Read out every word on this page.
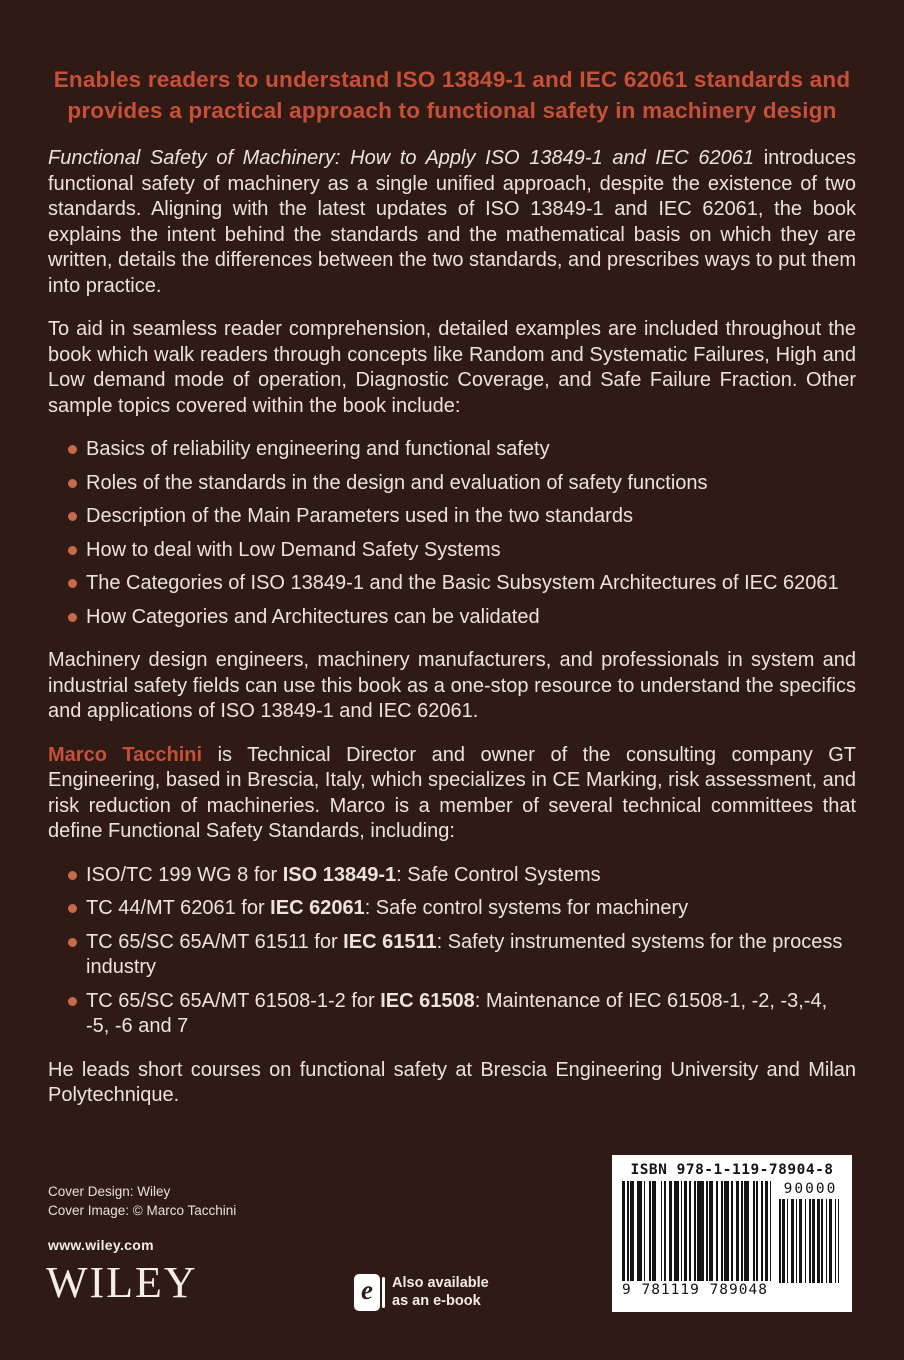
Enables readers to understand ISO 13849-1 and IEC 62061 standards and
provides a practical approach to functional safety in machinery design

Functional Safety of Machinery: How to Apply ISO 13849-1 and IEC 62061 introduces functional safety of machinery as a single unified approach, despite the existence of two standards. Aligning with the latest updates of ISO 13849-1 and IEC 62061, the book explains the intent behind the standards and the mathematical basis on which they are written, details the differences between the two standards, and prescribes ways to put them into practice.

To aid in seamless reader comprehension, detailed examples are included throughout the book which walk readers through concepts like Random and Systematic Failures, High and Low demand mode of operation, Diagnostic Coverage, and Safe Failure Fraction. Other sample topics covered within the book include:

Basics of reliability engineering and functional safety
Roles of the standards in the design and evaluation of safety functions
Description of the Main Parameters used in the two standards
How to deal with Low Demand Safety Systems
The Categories of ISO 13849-1 and the Basic Subsystem Architectures of IEC 62061
How Categories and Architectures can be validated

Machinery design engineers, machinery manufacturers, and professionals in system and industrial safety fields can use this book as a one-stop resource to understand the specifics and applications of ISO 13849-1 and IEC 62061.

Marco Tacchini is Technical Director and owner of the consulting company GT Engineering, based in Brescia, Italy, which specializes in CE Marking, risk assessment, and risk reduction of machineries. Marco is a member of several technical committees that define Functional Safety Standards, including:

ISO/TC 199 WG 8 for ISO 13849-1: Safe Control Systems
TC 44/MT 62061 for IEC 62061: Safe control systems for machinery
TC 65/SC 65A/MT 61511 for IEC 61511: Safety instrumented systems for the process industry
TC 65/SC 65A/MT 61508-1-2 for IEC 61508: Maintenance of IEC 61508-1, -2, -3,-4, -5, -6 and 7

He leads short courses on functional safety at Brescia Engineering University and Milan Polytechnique.

Cover Design: Wiley
Cover Image: © Marco Tacchini
www.wiley.com
WILEY	e Also available
as an e-book
ISBN 978-1-119-78904-8
9 781119 789048
90000
